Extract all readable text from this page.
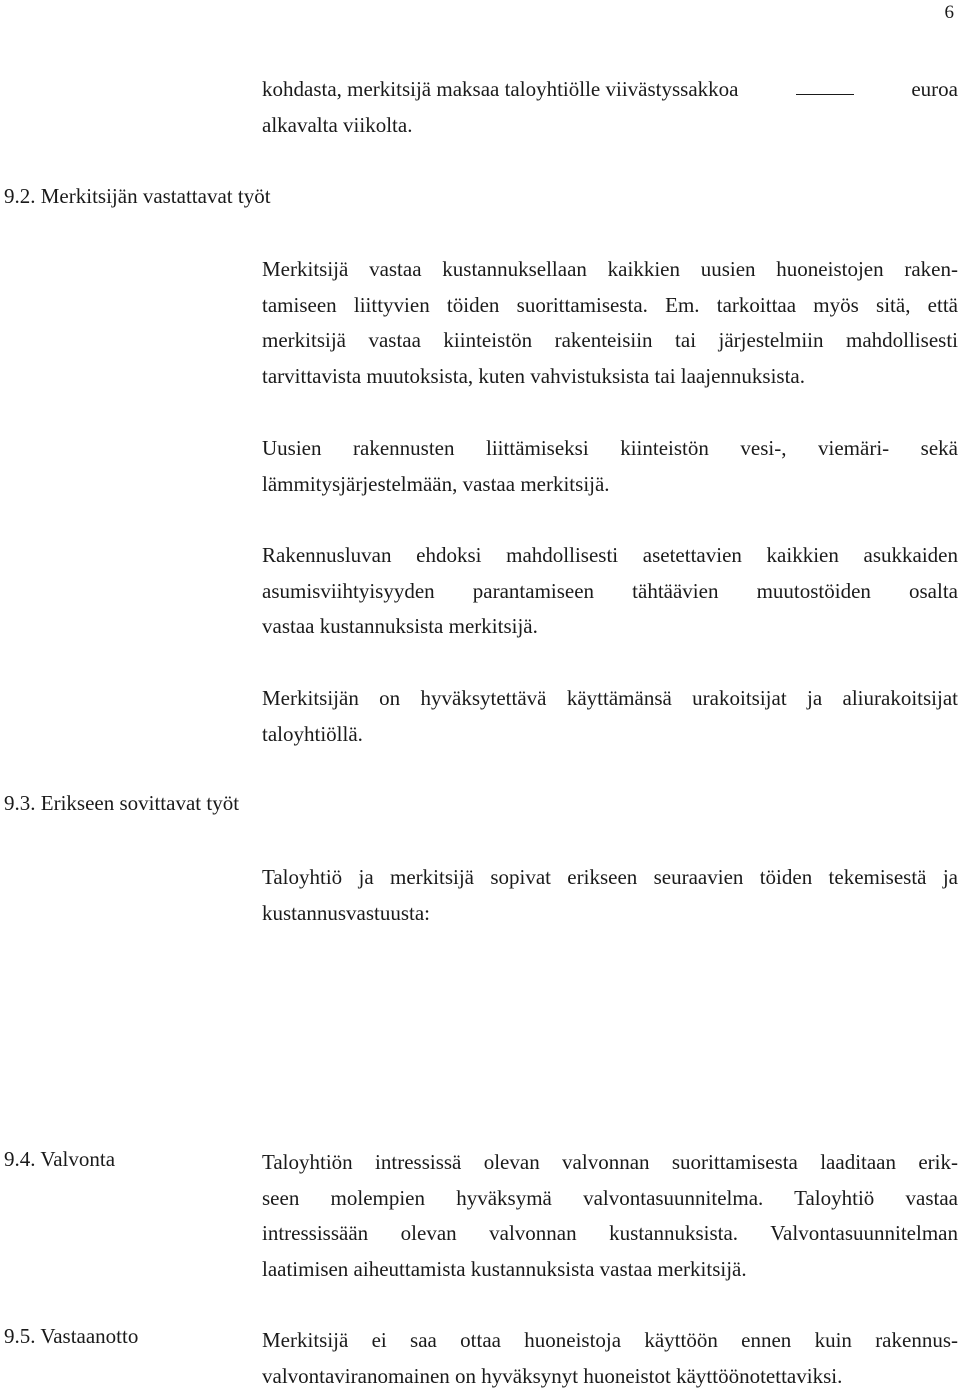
6
kohdasta, merkitsijä maksaa taloyhtiölle viivästyssakkoa	euroa
alkavalta viikolta.
9.2. Merkitsijän vastattavat työt
Merkitsijä vastaa kustannuksellaan kaikkien uusien huoneistojen raken-
tamiseen liittyvien töiden suorittamisesta. Em. tarkoittaa myös sitä, että
merkitsijä vastaa kiinteistön rakenteisiin tai järjestelmiin mahdollisesti
tarvittavista muutoksista, kuten vahvistuksista tai laajennuksista.
Uusien rakennusten liittämiseksi kiinteistön vesi-, viemäri- sekä
lämmitysjärjestelmään, vastaa merkitsijä.
Rakennusluvan ehdoksi mahdollisesti asetettavien kaikkien asukkaiden
asumisviihtyisyyden parantamiseen tähtäävien muutostöiden osalta
vastaa kustannuksista merkitsijä.
Merkitsijän on hyväksytettävä käyttämänsä urakoitsijat ja aliurakoitsijat
taloyhtiöllä.
9.3. Erikseen sovittavat työt
Taloyhtiö ja merkitsijä sopivat erikseen seuraavien töiden tekemisestä ja
kustannusvastuusta:
9.4. Valvonta	Taloyhtiön intressissä olevan valvonnan suorittamisesta laaditaan erik-
seen molempien hyväksymä valvontasuunnitelma. Taloyhtiö vastaa
intressissään olevan valvonnan kustannuksista. Valvontasuunnitelman
laatimisen aiheuttamista kustannuksista vastaa merkitsijä.
9.5. Vastaanotto	Merkitsijä ei saa ottaa huoneistoja käyttöön ennen kuin rakennus-
valvontaviranomainen on hyväksynyt huoneistot käyttöönotettaviksi.
